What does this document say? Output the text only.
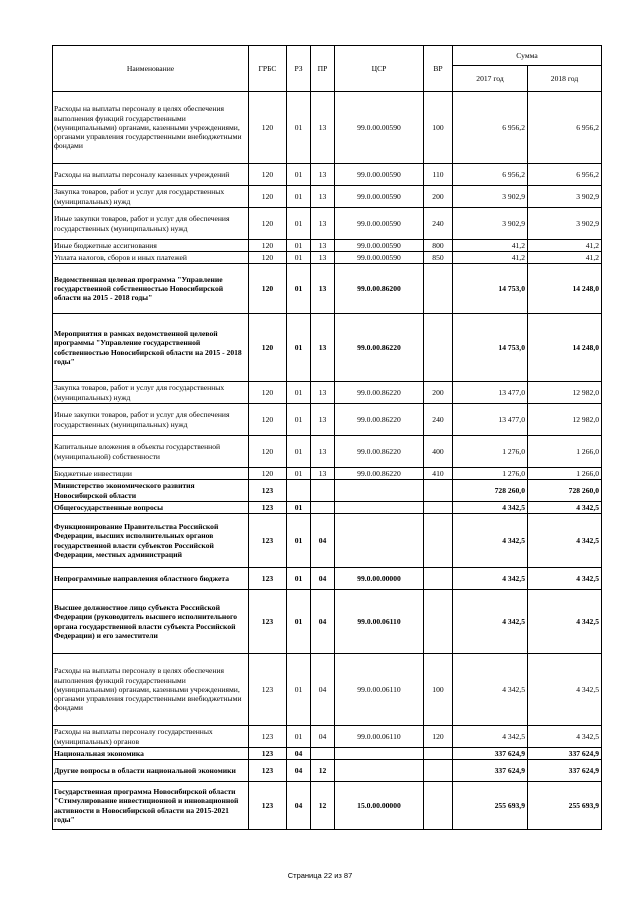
Наименование	ГРБС	РЗ	ПР	ЦСР	ВР	Сумма	
						2017 год	2018 год
Расходы на выплаты персоналу в целях обеспечения выполнения функций государственными (муниципальными) органами, казенными учреждениями, органами управления государственными внебюджетными фондами	120	01	13	99.0.00.00590	100	6 956,2	6 956,2
Расходы на выплаты персоналу казенных учреждений	120	01	13	99.0.00.00590	110	6 956,2	6 956,2
Закупка товаров, работ и услуг для государственных (муниципальных) нужд	120	01	13	99.0.00.00590	200	3 902,9	3 902,9
Иные закупки товаров, работ и услуг для обеспечения государственных (муниципальных) нужд	120	01	13	99.0.00.00590	240	3 902,9	3 902,9
Иные бюджетные ассигнования	120	01	13	99.0.00.00590	800	41,2	41,2
Уплата налогов, сборов и иных платежей	120	01	13	99.0.00.00590	850	41,2	41,2
Ведомственная целевая программа "Управление государственной собственностью Новосибирской области на 2015 - 2018 годы"	120	01	13	99.0.00.86200		14 753,0	14 248,0
Мероприятия в рамках ведомственной целевой программы "Управление государственной собственностью Новосибирской области на 2015 - 2018 годы"	120	01	13	99.0.00.86220		14 753,0	14 248,0
Закупка товаров, работ и услуг для государственных (муниципальных) нужд	120	01	13	99.0.00.86220	200	13 477,0	12 982,0
Иные закупки товаров, работ и услуг для обеспечения государственных (муниципальных) нужд	120	01	13	99.0.00.86220	240	13 477,0	12 982,0
Капитальные вложения в объекты государственной (муниципальной) собственности	120	01	13	99.0.00.86220	400	1 276,0	1 266,0
Бюджетные инвестиции	120	01	13	99.0.00.86220	410	1 276,0	1 266,0
Министерство экономического развития Новосибирской области	123					728 260,0	728 260,0
Общегосударственные вопросы	123	01				4 342,5	4 342,5
Функционирование Правительства Российской Федерации, высших исполнительных органов государственной власти субъектов Российской Федерации, местных администраций	123	01	04			4 342,5	4 342,5
Непрограммные направления областного бюджета	123	01	04	99.0.00.00000		4 342,5	4 342,5
Высшее должностное лицо субъекта Российской Федерации (руководитель высшего исполнительного органа государственной власти субъекта Российской Федерации) и его заместители	123	01	04	99.0.00.06110		4 342,5	4 342,5
Расходы на выплаты персоналу в целях обеспечения выполнения функций государственными (муниципальными) органами, казенными учреждениями, органами управления государственными внебюджетными фондами	123	01	04	99.0.00.06110	100	4 342,5	4 342,5
Расходы на выплаты персоналу государственных (муниципальных) органов	123	01	04	99.0.00.06110	120	4 342,5	4 342,5
Национальная экономика	123	04				337 624,9	337 624,9
Другие вопросы в области национальной экономики	123	04	12			337 624,9	337 624,9
Государственная программа Новосибирской области "Стимулирование инвестиционной и инновационной активности в Новосибирской области на 2015-2021 годы"	123	04	12	15.0.00.00000		255 693,9	255 693,9
Страница 22 из 87
